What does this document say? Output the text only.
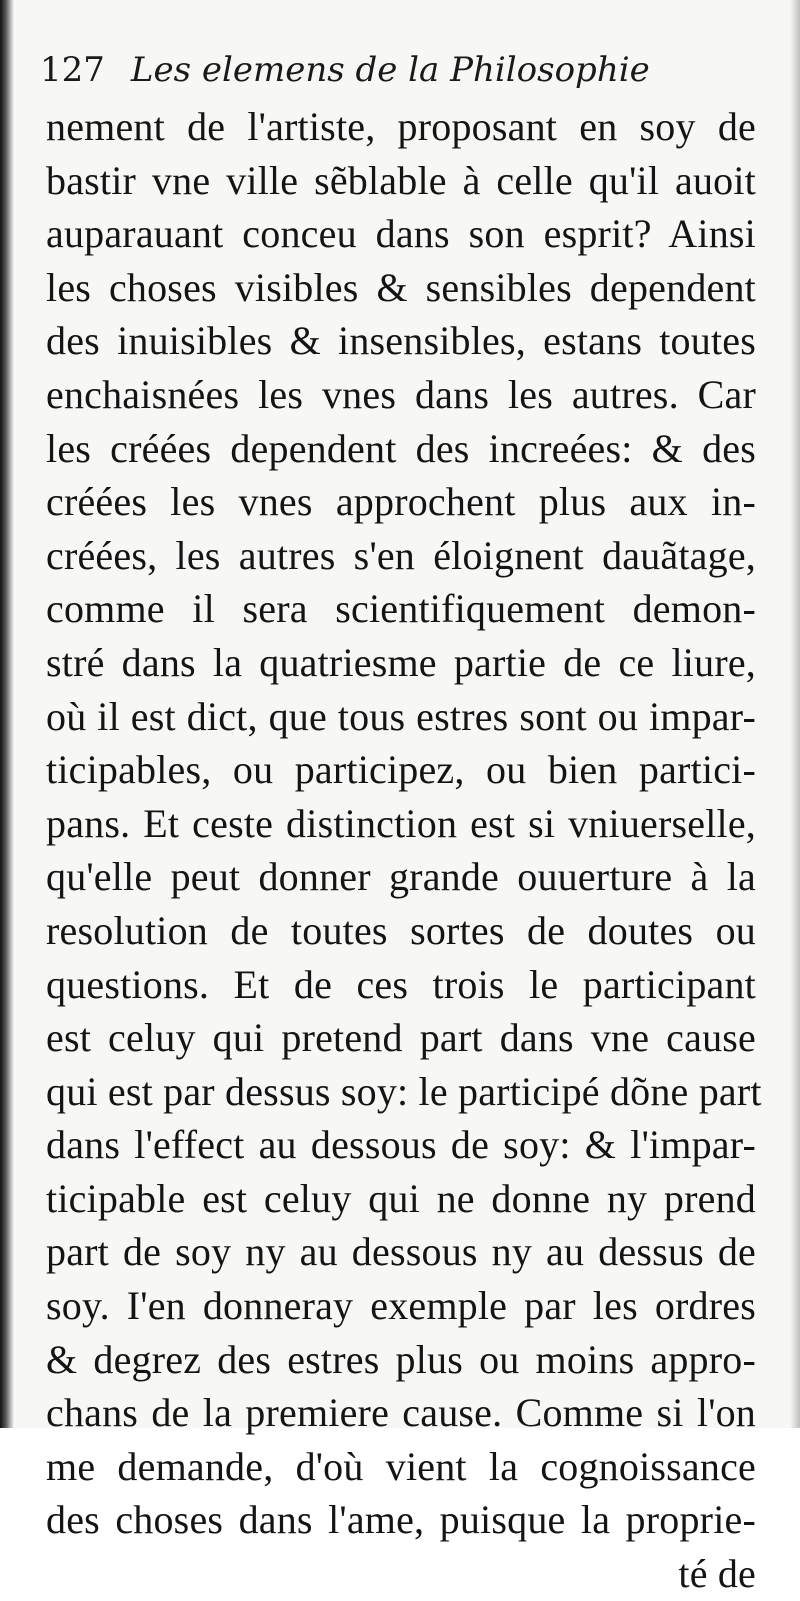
127 Les elemens de la Philosophie
nement de l'artiste, proposant en soy de
bastir vne ville sẽblable à celle qu'il auoit
auparauant conceu dans son esprit? Ainsi
les choses visibles & sensibles dependent
des inuisibles & insensibles, estans toutes
enchaisnées les vnes dans les autres. Car
les créées dependent des increées: & des
créées les vnes approchent plus aux in-
créées, les autres s'en éloignent dauãtage,
comme il sera scientifiquement demon-
stré dans la quatriesme partie de ce liure,
où il est dict, que tous estres sont ou impar-
ticipables, ou participez, ou bien partici-
pans. Et ceste distinction est si vniuerselle,
qu'elle peut donner grande ouuerture à la
resolution de toutes sortes de doutes ou
questions. Et de ces trois le participant
est celuy qui pretend part dans vne cause
qui est par dessus soy: le participé dõne part
dans l'effect au dessous de soy: & l'impar-
ticipable est celuy qui ne donne ny prend
part de soy ny au dessous ny au dessus de
soy. I'en donneray exemple par les ordres
& degrez des estres plus ou moins appro-
chans de la premiere cause. Comme si l'on
me demande, d'où vient la cognoissance
des choses dans l'ame, puisque la proprie-
té de
